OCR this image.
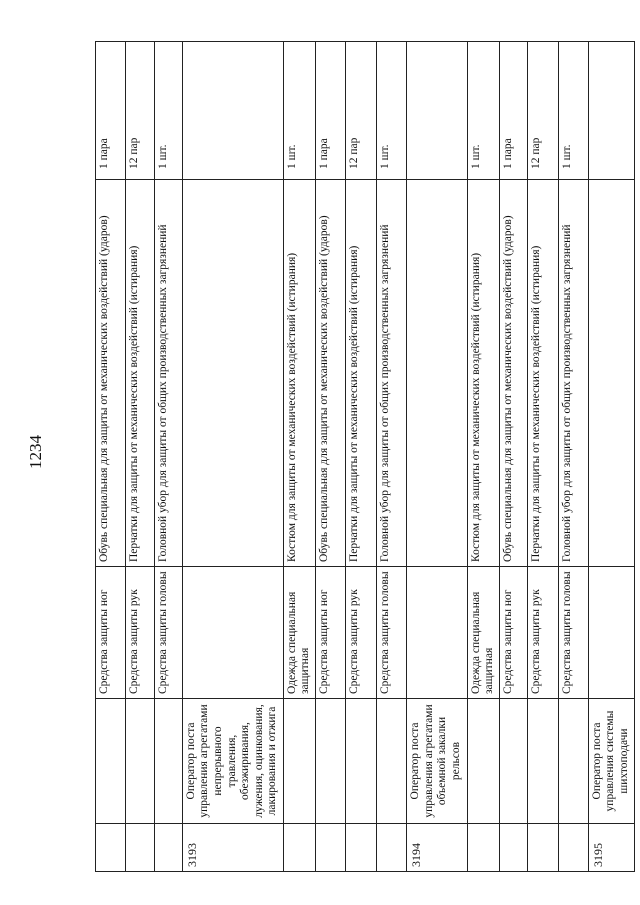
1234
		Средства защиты ног	Обувь специальная для защиты от механических воздействий (ударов)	1 пара
		Средства защиты рук	Перчатки для защиты от механических воздействий (истирания)	12 пар
		Средства защиты головы	Головной убор для защиты от общих производственных загрязнений	1 шт.
3193	Оператор поста управления агрегатами непрерывного травления, обезжиривания, лужения, оцинкования, лакирования и отжига			
		Одежда специальная защитная	Костюм для защиты от механических воздействий (истирания)	1 шт.
		Средства защиты ног	Обувь специальная для защиты от механических воздействий (ударов)	1 пара
		Средства защиты рук	Перчатки для защиты от механических воздействий (истирания)	12 пар
		Средства защиты головы	Головной убор для защиты от общих производственных загрязнений	1 шт.
3194	Оператор поста управления агрегатами объемной закалки рельсов			
		Одежда специальная защитная	Костюм для защиты от механических воздействий (истирания)	1 шт.
		Средства защиты ног	Обувь специальная для защиты от механических воздействий (ударов)	1 пара
		Средства защиты рук	Перчатки для защиты от механических воздействий (истирания)	12 пар
		Средства защиты головы	Головной убор для защиты от общих производственных загрязнений	1 шт.
3195	Оператор поста управления системы шихтоподачи			
